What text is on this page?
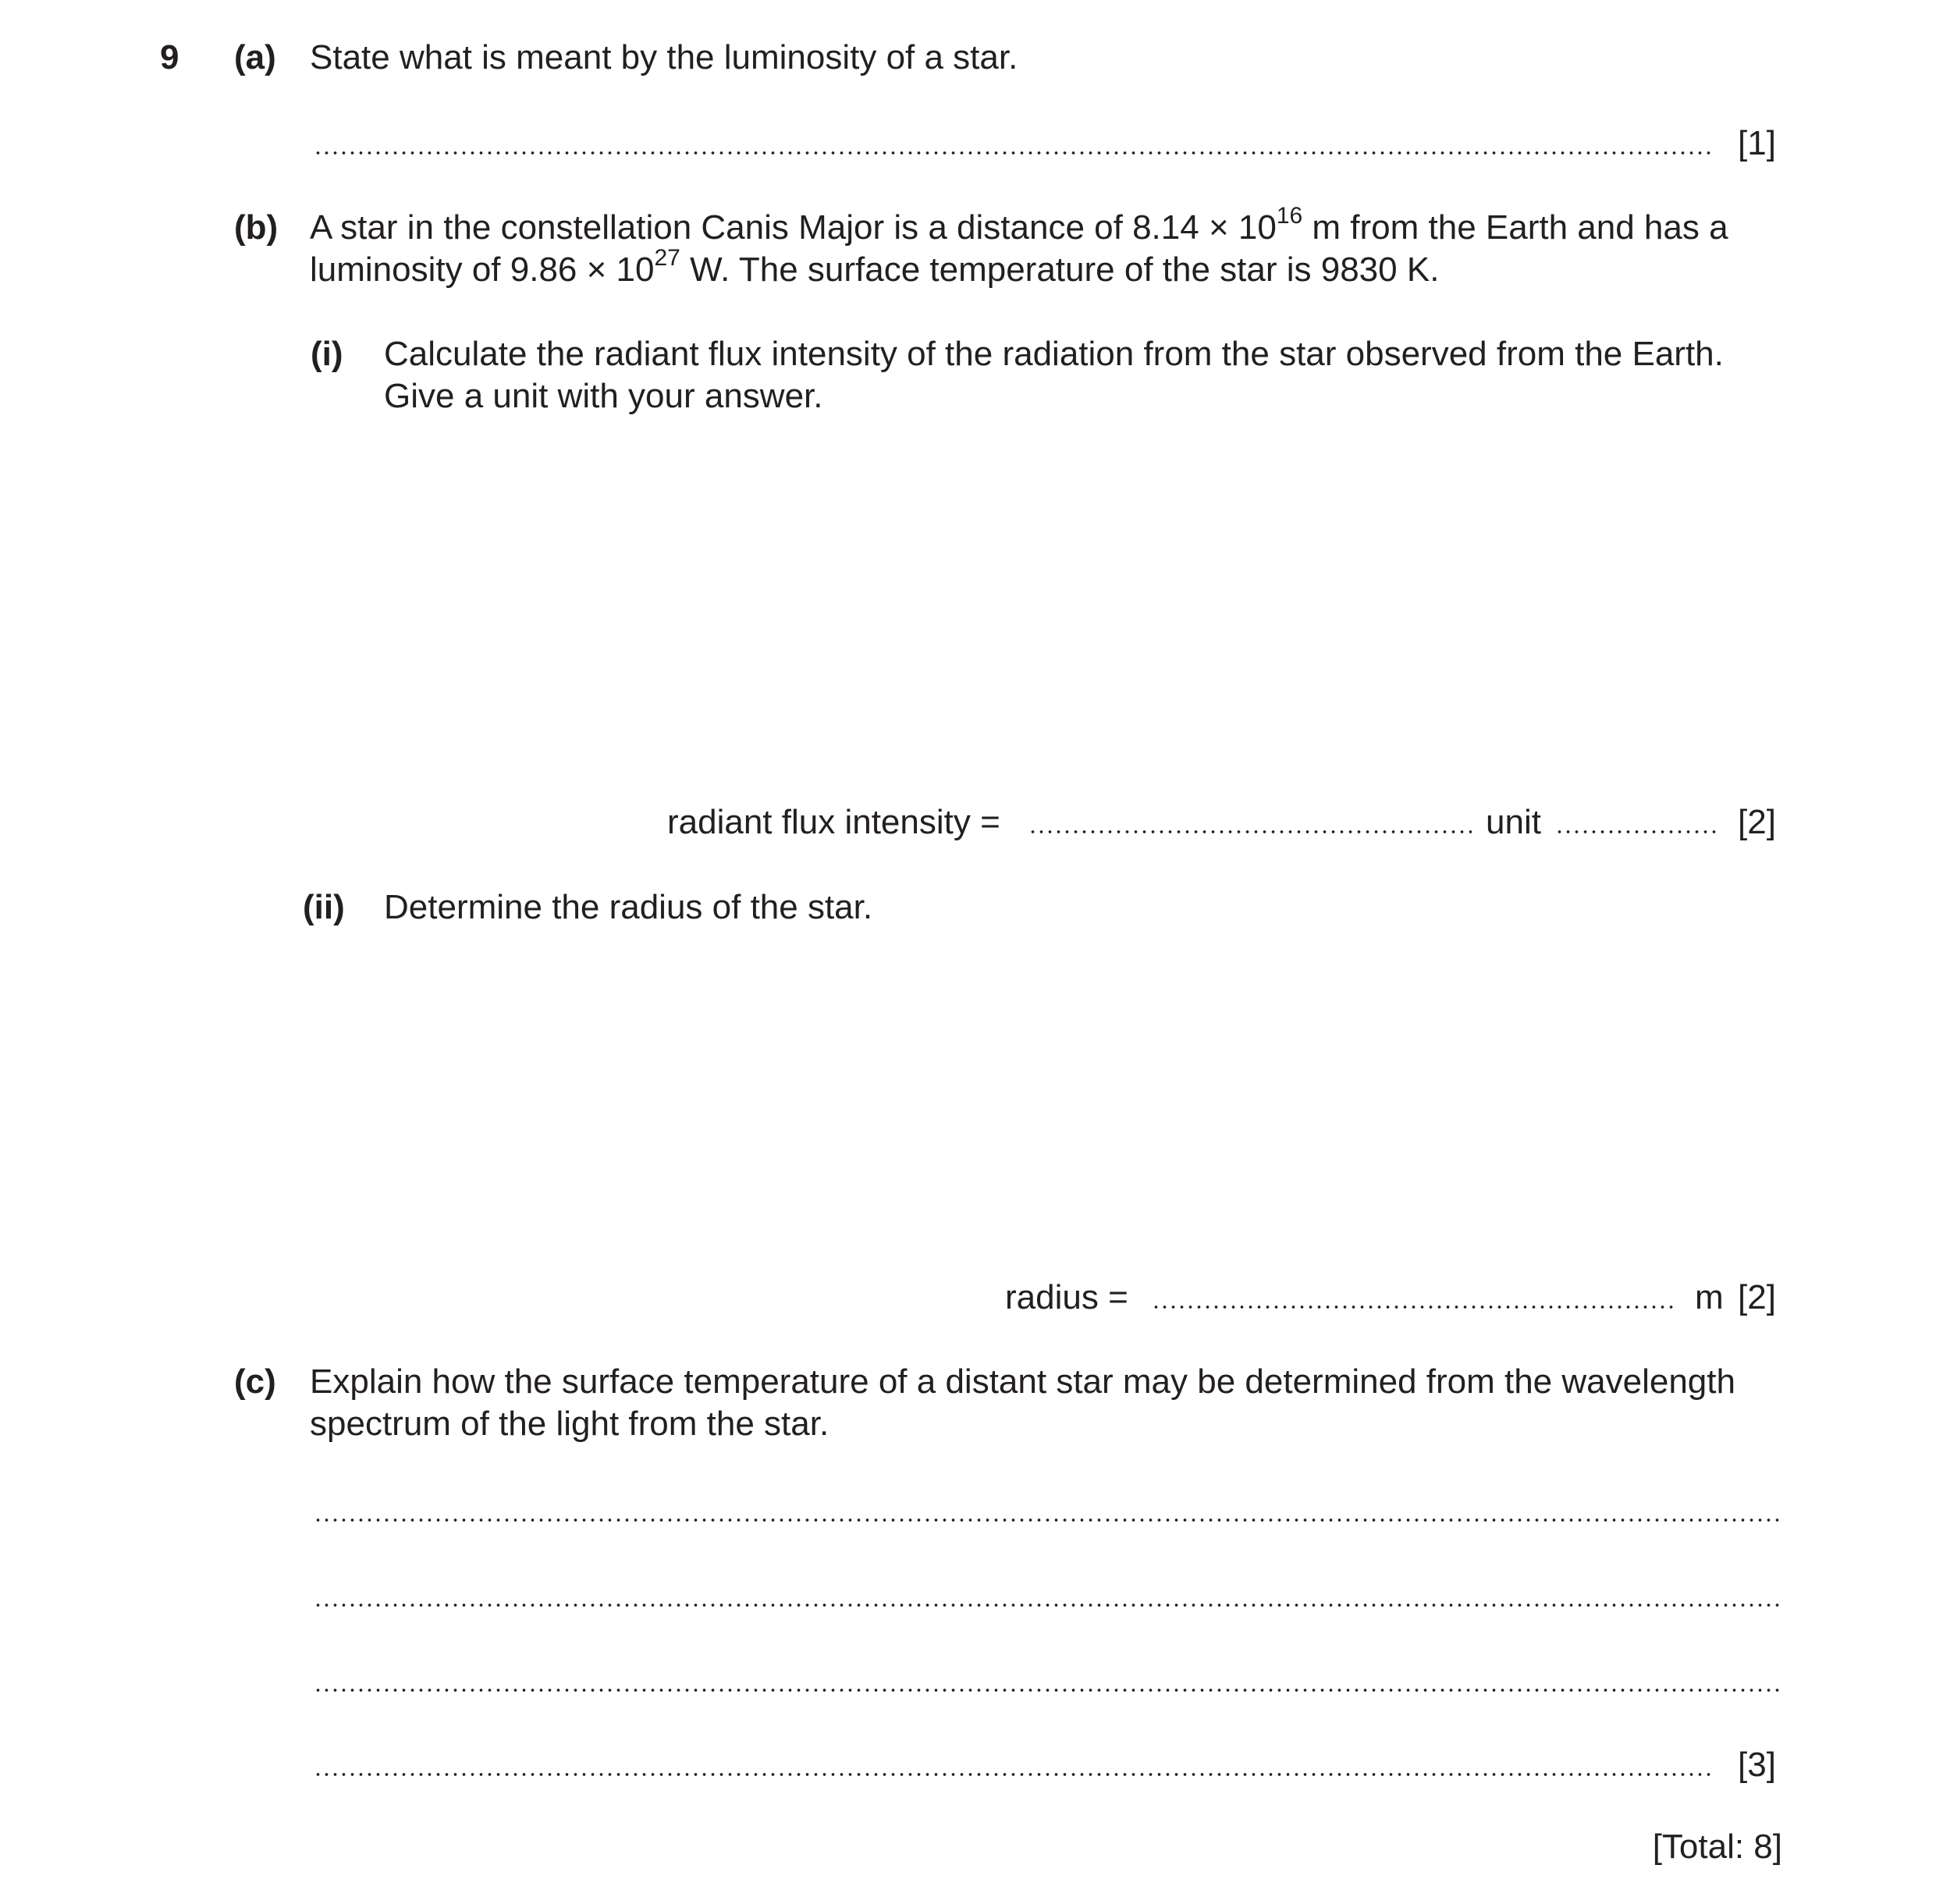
9 (a) State what is meant by the luminosity of a star.
[1]
(b) A star in the constellation Canis Major is a distance of $8.14 \times 10^{16}$ m from the Earth and has a
luminosity of $9.86 \times 10^{27}$ W. The surface temperature of the star is 9830 K.
(i) Calculate the radiant flux intensity of the radiation from the star observed from the Earth.
Give a unit with your answer.
radiant flux intensity =	unit	[2]
(ii) Determine the radius of the star.
radius =	m [2]
(c) Explain how the surface temperature of a distant star may be determined from the wavelength
spectrum of the light from the star.
[3]
[Total: 8]
